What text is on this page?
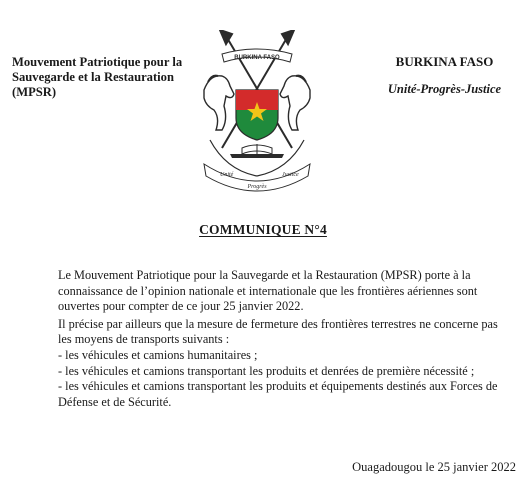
Mouvement Patriotique pour la
Sauvegarde et la Restauration
(MPSR)
BURKINA FASO
Unité
Progrès
Justice
BURKINA FASO
Unité-Progrès-Justice
COMMUNIQUE N°4

Le Mouvement Patriotique pour la Sauvegarde et la Restauration (MPSR) porte à la connaissance de l’opinion nationale et internationale que les frontières aériennes sont ouvertes pour compter de ce jour 25 janvier 2022.

Il précise par ailleurs que la mesure de fermeture des frontières terrestres ne concerne pas les moyens de transports suivants :

- les véhicules et camions humanitaires ;

- les véhicules et camions transportant les produits et denrées de première nécessité ;

- les véhicules et camions transportant les produits et équipements destinés aux Forces de Défense et de Sécurité.

Ouagadougou le 25 janvier 2022
